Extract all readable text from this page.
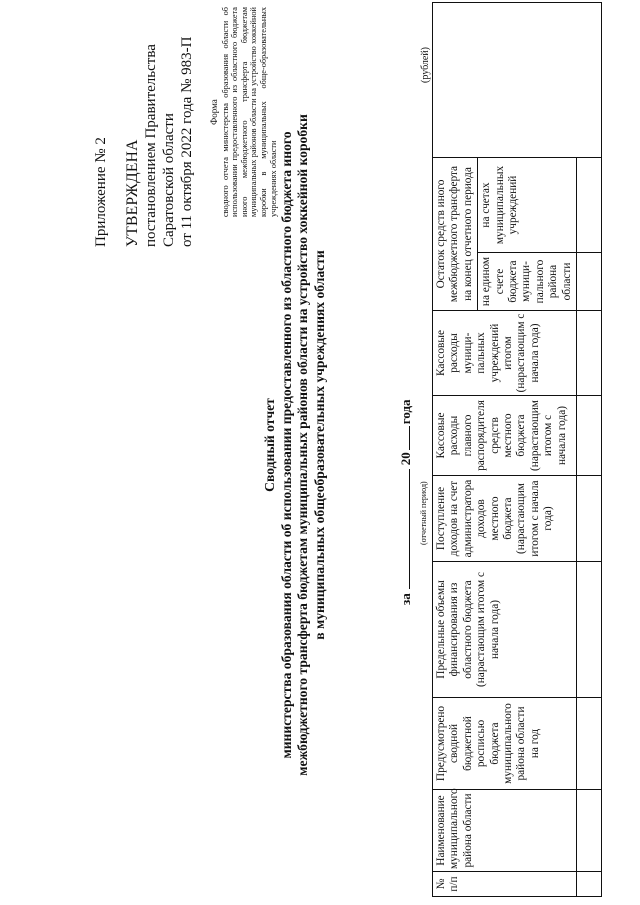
Приложение № 2 УТВЕРЖДЕНА постановлением Правительства Саратовской области от 11 октября 2022 года № 983-П Форма сводного отчета министерства образования области об использовании предоставленного из областного бюджета иного межбюджетного трансферта бюджетам муниципальных районов области на устройство хоккейной коробки в муниципальных обще-образовательных учреждениях области
Сводный отчет министерства образования области об использовании предоставленного из областного бюджета иного межбюджетного трансферта бюджетам муниципальных районов области на устройство хоккейной коробки в муниципальных общеобразовательных учреждениях области	за20года
(отчетный период)
(рублей)
№ п/п	Наименование муниципального района области	Предусмотрено сводной бюджетной росписью бюджета муниципального района области на год	Предельные объемы финансирования из областного бюджета (нарастающим итогом с начала года)	Поступление доходов на счет администратора доходов местного бюджета (нарастающим итогом с начала года)	Кассовые расходы главного распорядителя средств местного бюджета (нарастающим итогом с начала года)	Кассовые расходы муници-пальных учреждений итогом (нарастающим с начала года)	Остаток средств иного межбюджетного трансферта на конец отчетного периода		
							на едином счете бюджета муници-пального района области	на счетах муниципальных учреждений	
